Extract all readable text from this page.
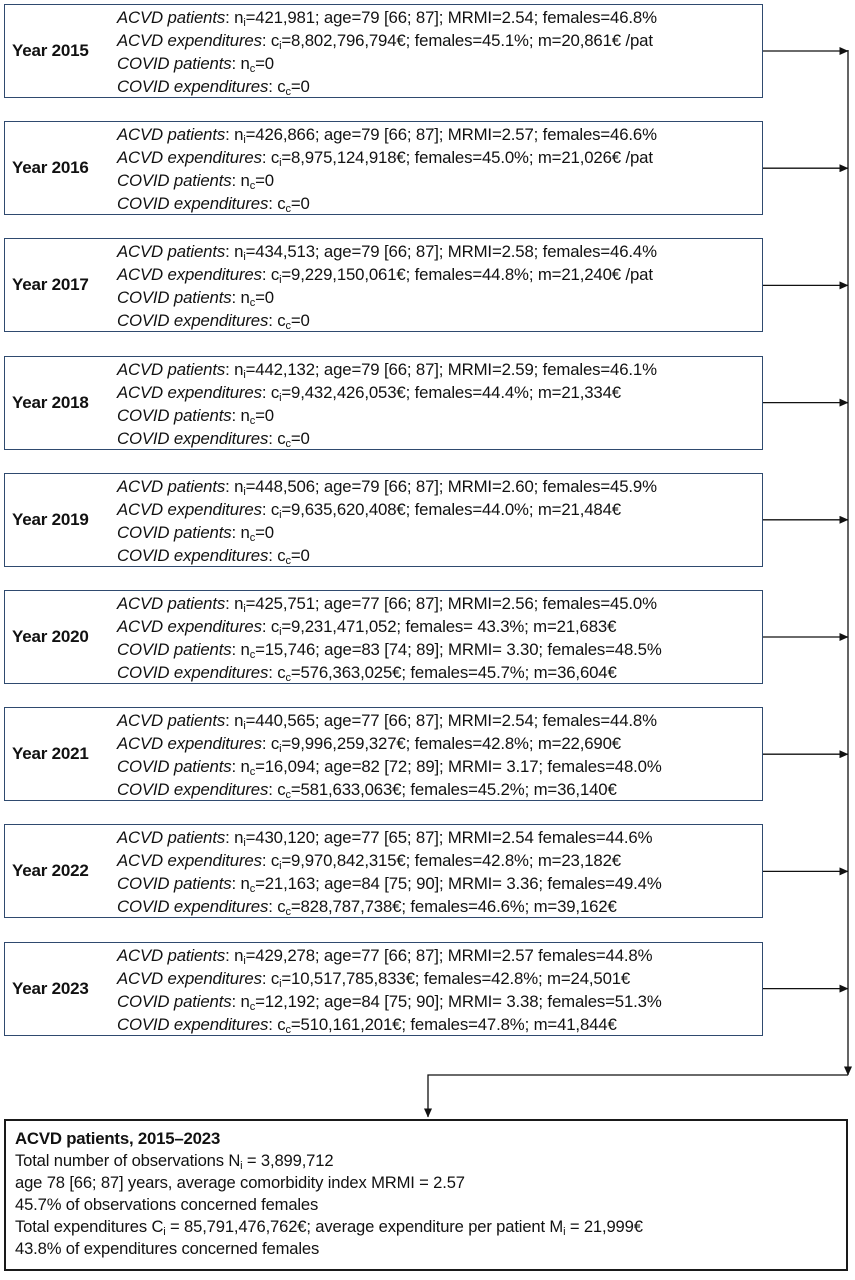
Year 2015
ACVD patients: $n_i=421,981$; age=79 [66; 87]; MRMI=2.54; females=46.8%
ACVD expenditures: $c_i=8,802,796,794€$; females=45.1%; m=20,861€ /pat
COVID patients: $n_c=0$
COVID expenditures: $c_c=0$
Year 2016
ACVD patients: $n_i=426,866$; age=79 [66; 87]; MRMI=2.57; females=46.6%
ACVD expenditures: $c_i=8,975,124,918€$; females=45.0%; m=21,026€ /pat
COVID patients: $n_c=0$
COVID expenditures: $c_c=0$
Year 2017
ACVD patients: $n_i=434,513$; age=79 [66; 87]; MRMI=2.58; females=46.4%
ACVD expenditures: $c_i=9,229,150,061€$; females=44.8%; m=21,240€ /pat
COVID patients: $n_c=0$
COVID expenditures: $c_c=0$
Year 2018
ACVD patients: $n_i=442,132$; age=79 [66; 87]; MRMI=2.59; females=46.1%
ACVD expenditures: $c_i=9,432,426,053€$; females=44.4%; m=21,334€
COVID patients: $n_c=0$
COVID expenditures: $c_c=0$
Year 2019
ACVD patients: $n_i=448,506$; age=79 [66; 87]; MRMI=2.60; females=45.9%
ACVD expenditures: $c_i=9,635,620,408€$; females=44.0%; m=21,484€
COVID patients: $n_c=0$
COVID expenditures: $c_c=0$
Year 2020
ACVD patients: $n_i=425,751$; age=77 [66; 87]; MRMI=2.56; females=45.0%
ACVD expenditures: $c_i=9,231,471,052$; females= 43.3%; m=21,683€
COVID patients: $n_c=15,746$; age=83 [74; 89]; MRMI= 3.30; females=48.5%
COVID expenditures: $c_c=576,363,025€$; females=45.7%; m=36,604€
Year 2021
ACVD patients: $n_i=440,565$; age=77 [66; 87]; MRMI=2.54; females=44.8%
ACVD expenditures: $c_i=9,996,259,327€$; females=42.8%; m=22,690€
COVID patients: $n_c=16,094$; age=82 [72; 89]; MRMI= 3.17; females=48.0%
COVID expenditures: $c_c=581,633,063€$; females=45.2%; m=36,140€
Year 2022
ACVD patients: $n_i=430,120$; age=77 [65; 87]; MRMI=2.54 females=44.6%
ACVD expenditures: $c_i=9,970,842,315€$; females=42.8%; m=23,182€
COVID patients: $n_c=21,163$; age=84 [75; 90]; MRMI= 3.36; females=49.4%
COVID expenditures: $c_c=828,787,738€$; females=46.6%; m=39,162€
Year 2023
ACVD patients: $n_i=429,278$; age=77 [66; 87]; MRMI=2.57 females=44.8%
ACVD expenditures: $c_i=10,517,785,833€$; females=42.8%; m=24,501€
COVID patients: $n_c=12,192$; age=84 [75; 90]; MRMI= 3.38; females=51.3%
COVID expenditures: $c_c=510,161,201€$; females=47.8%; m=41,844€
ACVD patients, 2015–2023
Total number of observations $N_i = 3,899,712$
age 78 [66; 87] years, average comorbidity index MRMI = 2.57
45.7% of observations concerned females
Total expenditures $C_i$ = 85,791,476,762€; average expenditure per patient $M_i$ = 21,999€
43.8% of expenditures concerned females
